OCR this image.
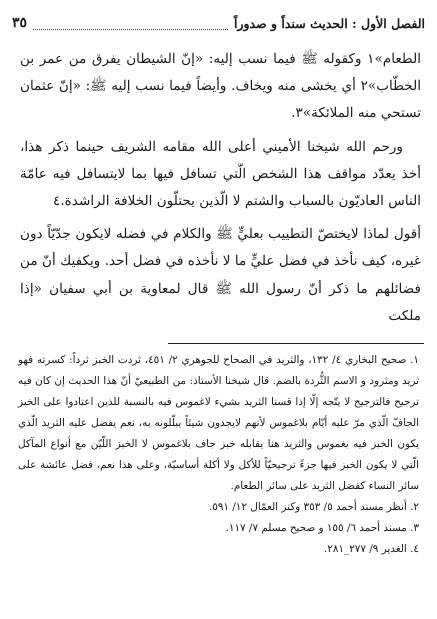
الفصل الأول : الحديث سنداً و صدوراً
٣٥

الطعام»١ وكقوله ﷺ فيما نسب إليه: «إنّ الشيطان يفرق من عمر بن الخطّاب»٢ أي يخشى منه ويخاف. وأيضاً فيما نسب إليه ﷺ: «إنّ عثمان تستحي منه الملائكة»٣.

ورحم الله شيخنا الأميني أعلى الله مقامه الشريف حينما ذكر هذا، أخذ يعدّد مواقف هذا الشخص الّتي تسافل فيها بما لايتسافل فيه عامّة الناس العاديّون بالسباب والشتم لا الّذين يحتلّون الخلافة الراشدة.٤

أقول لماذا لايختصّ التطييب بعليٍّ ﷺ والكلام في فضله لايكون جدّيّاً دون غيره، كيف نأخذ في فضل عليٍّ ما لا نأخذه في فضل أحد. ويكفيك أنّ من فضائلهم ما ذكر أنّ رسول الله ﷺ قال لمعاوية بن أبي سفيان «إذا ملكت

١. صحيح البخاري ٤/ ١٣٢، والثريد في الصحاح للجوهري ٢/ ٤٥١، ثردت الخبز ثرداً: كسرته فهو ثريد ومثرود و الاسم الثُّردة بالضم. قال شيخنا الأستاذ: من الطبيعيّ أنّ هذا الحديث إن كان فيه ترجيح فالترجيح لا يتّجه إلّا إذا قسنا الثريد بشيء لاغموس فيه بالنسبة للذين اعتادوا على الخبز الجافّ الّذي مرّ عليه أيّام بلاغموس لأنهم لايجدون شيئاً يبلّلونه به، نعم يفضل عليه الثريد الّذي يكون الخبز فيه بغموس والثريد هنا يقابله خبز جاف بلاغموس لا الخبز اللّيّن مع أنواع المآكل الّتي لا يكون الخبز فيها جزءً ترجيحيّاً للأكل ولا أكلة أساسيّة، وعلى هذا نعم، فضل عائشة على سائر النساء كفضل الثريد على سائر الطعام.

٢. أنظر مسند أحمد ٥/ ٣٥٣ وكنز العمّال ١٢/ ٥٩١.

٣. مسند أحمد ٦/ ١٥٥ و صحيح مسلم ٧/ ١١٧.

٤. الغدير ٩/ ٢٧٧_٢٨١.
